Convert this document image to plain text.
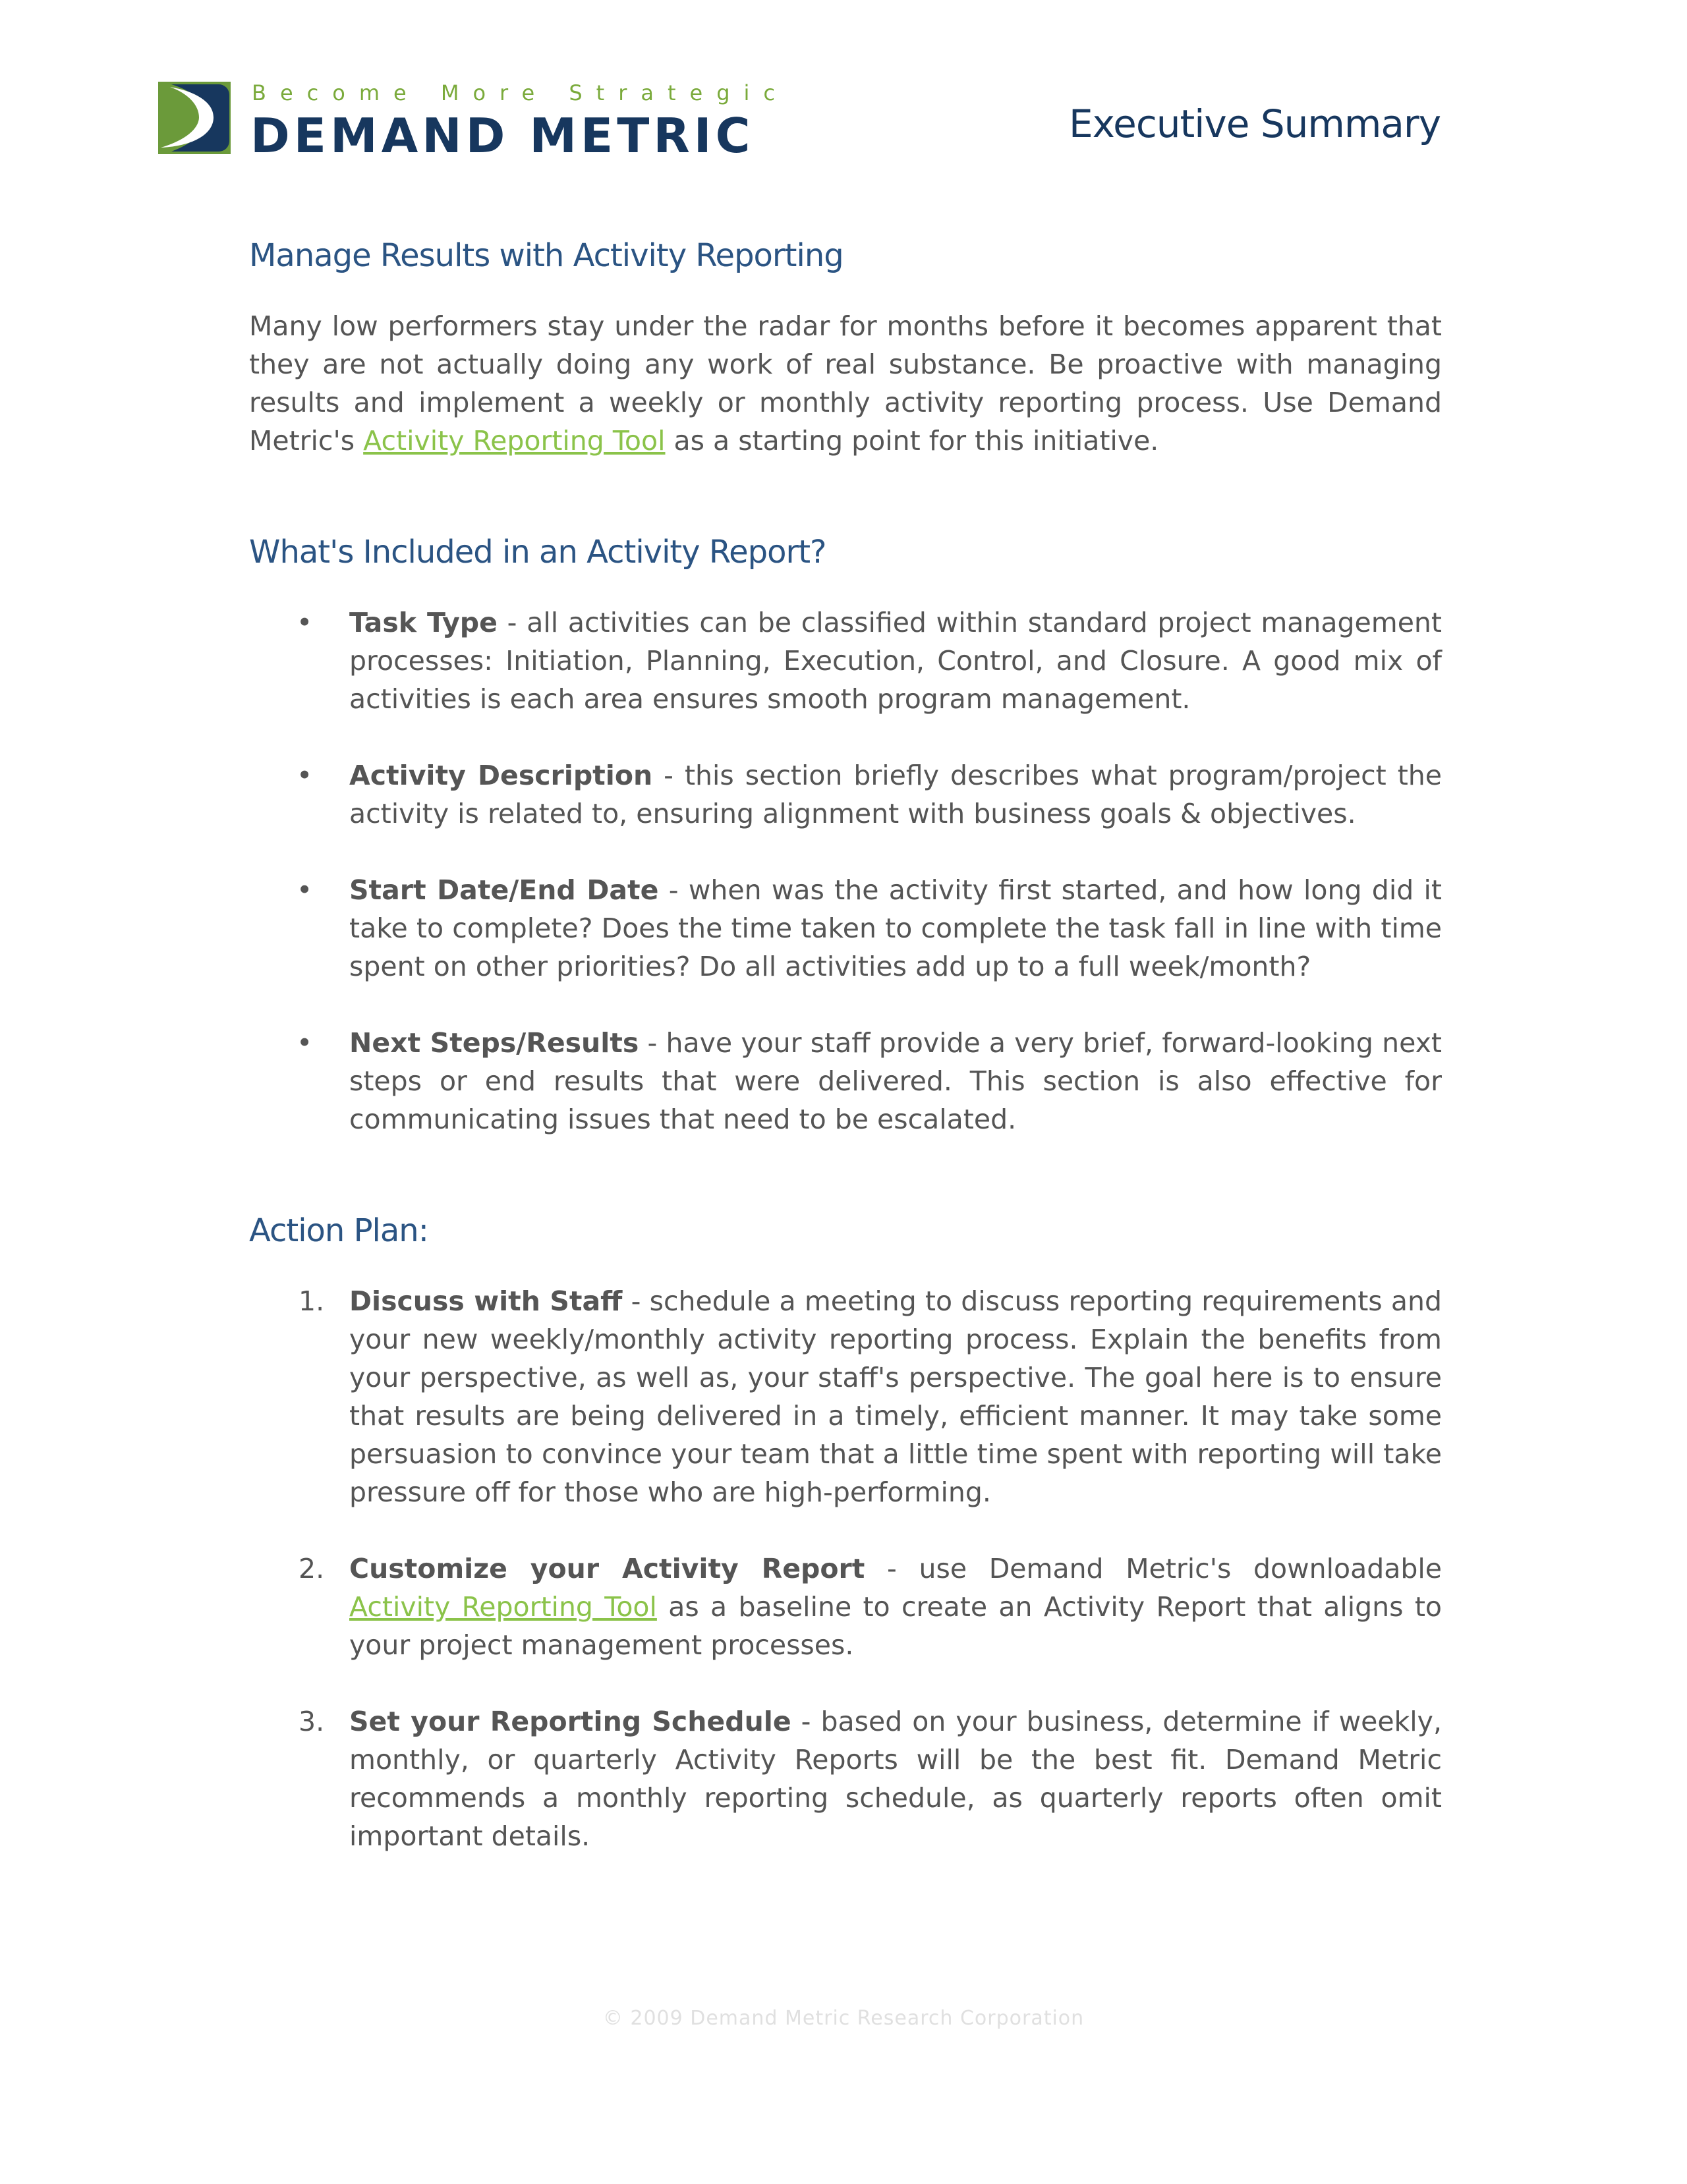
Become More Strategic
DEMAND METRIC	Executive Summary
Manage Results with Activity Reporting

Many low performers stay under the radar for months before it becomes apparent that they are not actually doing any work of real substance. Be proactive with managing results and implement a weekly or monthly activity reporting process. Use Demand Metric's Activity Reporting Tool as a starting point for this initiative.

What's Included in an Activity Report?
• Task Type - all activities can be classified within standard project management processes: Initiation, Planning, Execution, Control, and Closure. A good mix of activities is each area ensures smooth program management.
• Activity Description - this section briefly describes what program/project the activity is related to, ensuring alignment with business goals & objectives.
• Start Date/End Date - when was the activity first started, and how long did it take to complete? Does the time taken to complete the task fall in line with time spent on other priorities? Do all activities add up to a full week/month?
• Next Steps/Results - have your staff provide a very brief, forward-looking next steps or end results that were delivered. This section is also effective for communicating issues that need to be escalated.
Action Plan:
1. Discuss with Staff - schedule a meeting to discuss reporting requirements and your new weekly/monthly activity reporting process. Explain the benefits from your perspective, as well as, your staff's perspective. The goal here is to ensure that results are being delivered in a timely, efficient manner. It may take some persuasion to convince your team that a little time spent with reporting will take pressure off for those who are high-performing.
2. Customize your Activity Report - use Demand Metric's downloadable Activity Reporting Tool as a baseline to create an Activity Report that aligns to your project management processes.
3. Set your Reporting Schedule - based on your business, determine if weekly, monthly, or quarterly Activity Reports will be the best fit. Demand Metric recommends a monthly reporting schedule, as quarterly reports often omit important details.
© 2009 Demand Metric Research Corporation
